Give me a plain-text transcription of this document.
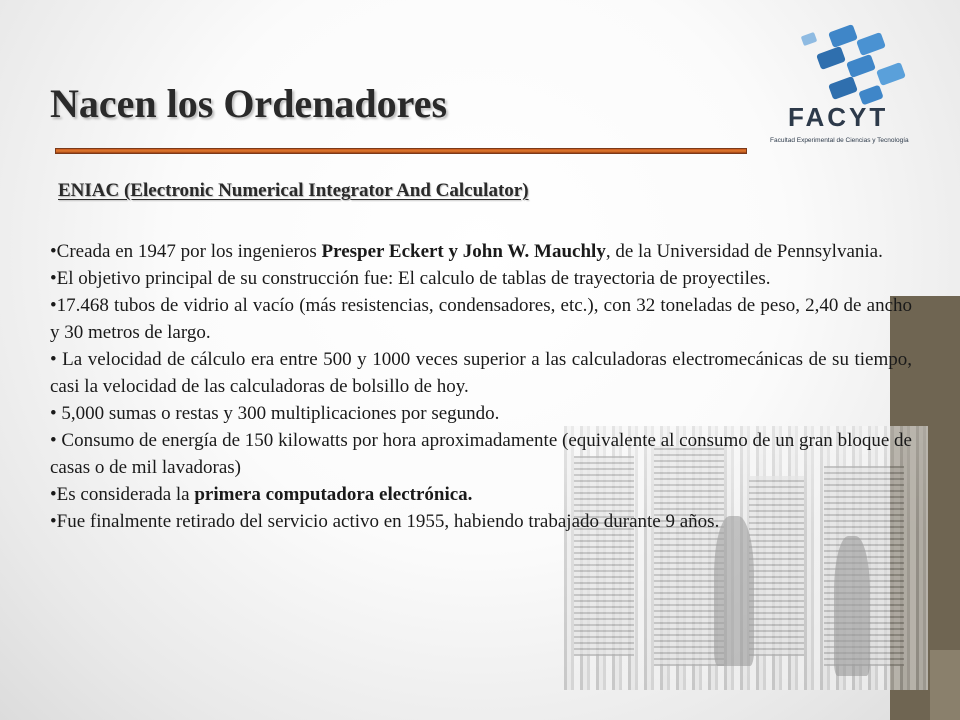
FACYT
Facultad Experimental de Ciencias y Tecnología
Nacen los Ordenadores
ENIAC (Electronic Numerical Integrator And Calculator)

•Creada en 1947 por los ingenieros Presper Eckert y John W. Mauchly, de la Universidad de Pennsylvania.

•El objetivo principal de su construcción fue: El calculo de tablas de trayectoria de proyectiles.

•17.468 tubos de vidrio al vacío (más resistencias, condensadores, etc.), con 32 toneladas de peso, 2,40 de ancho y 30 metros de largo.

• La velocidad de cálculo era entre 500 y 1000 veces superior a las calculadoras electromecánicas de su tiempo, casi la velocidad de las calculadoras de bolsillo de hoy.

• 5,000 sumas o restas y 300 multiplicaciones por segundo.

• Consumo de energía de 150 kilowatts por hora aproximadamente (equivalente al consumo de un gran bloque de casas o de mil lavadoras)

•Es considerada la primera computadora electrónica.

•Fue finalmente retirado del servicio activo en 1955, habiendo trabajado durante 9 años.
